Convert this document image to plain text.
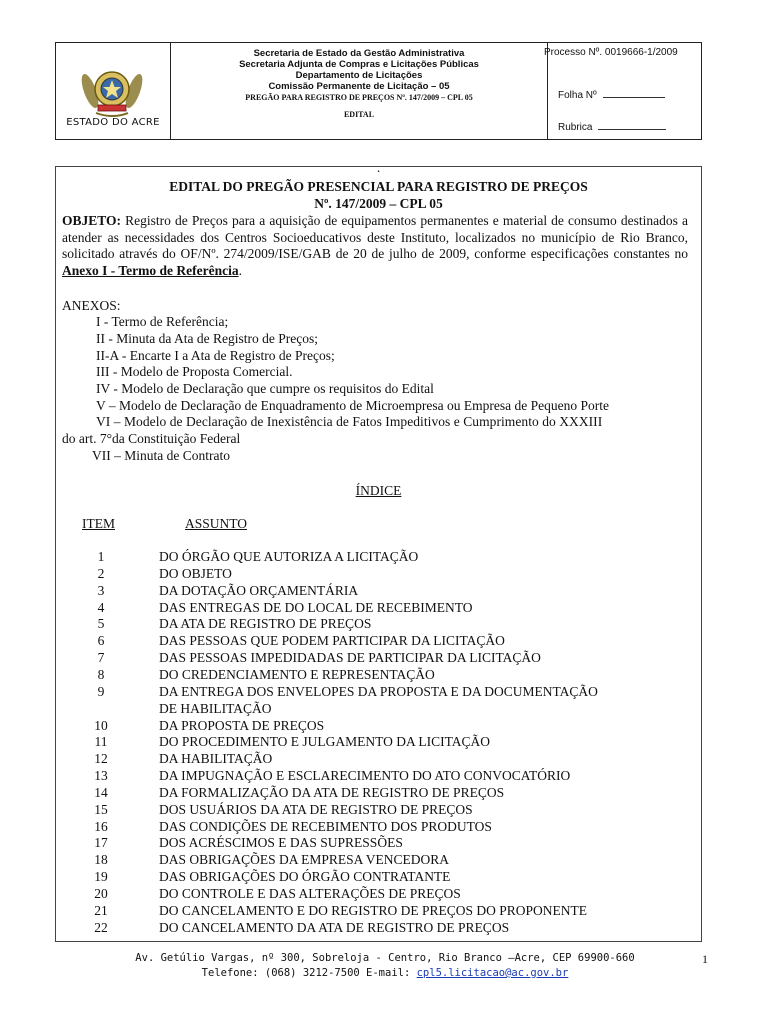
ESTADO DO ACRE
Secretaria de Estado da Gestão Administrativa
Secretaria Adjunta de Compras e Licitações Públicas
Departamento de Licitações
Comissão Permanente de Licitação – 05
PREGÃO PARA REGISTRO DE PREÇOS Nº. 147/2009 – CPL 05
EDITAL
Processo Nº. 0019666-1/2009
Folha Nº
Rubrica
.
EDITAL DO PREGÃO PRESENCIAL PARA REGISTRO DE PREÇOS
Nº. 147/2009 – CPL 05
OBJETO: Registro de Preços para a aquisição de equipamentos permanentes e material de consumo destinados a atender as necessidades dos Centros Socioeducativos deste Instituto, localizados no município de Rio Branco, solicitado através do OF/Nº. 274/2009/ISE/GAB de 20 de julho de 2009, conforme especificações constantes no Anexo I - Termo de Referência.
ANEXOS:
I - Termo de Referência;
II - Minuta da Ata de Registro de Preços;
II-A - Encarte I a Ata de Registro de Preços;
III - Modelo de Proposta Comercial.
IV - Modelo de Declaração que cumpre os requisitos do Edital
V – Modelo de Declaração de Enquadramento de Microempresa ou Empresa de Pequeno Porte
VI – Modelo de Declaração de Inexistência de Fatos Impeditivos e Cumprimento do XXXIII
do art. 7°da Constituição Federal
VII – Minuta de Contrato
ÍNDICE
ITEM	ASSUNTO
1	DO ÓRGÃO QUE AUTORIZA A LICITAÇÃO
2	DO OBJETO
3	DA DOTAÇÃO ORÇAMENTÁRIA
4	DAS ENTREGAS DE DO LOCAL DE RECEBIMENTO
5	DA ATA DE REGISTRO DE PREÇOS
6	DAS PESSOAS QUE PODEM PARTICIPAR DA LICITAÇÃO
7	DAS PESSOAS IMPEDIDADAS DE PARTICIPAR DA LICITAÇÃO
8	DO CREDENCIAMENTO E REPRESENTAÇÃO
9	DA ENTREGA DOS ENVELOPES DA PROPOSTA E DA DOCUMENTAÇÃO
DE HABILITAÇÃO
10	DA PROPOSTA DE PREÇOS
11	DO PROCEDIMENTO E JULGAMENTO DA LICITAÇÃO
12	DA HABILITAÇÃO
13	DA IMPUGNAÇÃO E ESCLARECIMENTO DO ATO CONVOCATÓRIO
14	DA FORMALIZAÇÃO DA ATA DE REGISTRO DE PREÇOS
15	DOS USUÁRIOS DA ATA DE REGISTRO DE PREÇOS
16	DAS CONDIÇÕES DE RECEBIMENTO DOS PRODUTOS
17	DOS ACRÉSCIMOS E DAS SUPRESSÕES
18	DAS OBRIGAÇÕES DA EMPRESA VENCEDORA
19	DAS OBRIGAÇÕES DO ÓRGÃO CONTRATANTE
20	DO CONTROLE E DAS ALTERAÇÕES DE PREÇOS
21	DO CANCELAMENTO E DO REGISTRO DE PREÇOS DO PROPONENTE
22	DO CANCELAMENTO DA ATA DE REGISTRO DE PREÇOS
Av. Getúlio Vargas, nº 300, Sobreloja - Centro, Rio Branco –Acre, CEP 69900-660
Telefone: (068) 3212-7500 E-mail: cpl5.licitacao@ac.gov.br
1
